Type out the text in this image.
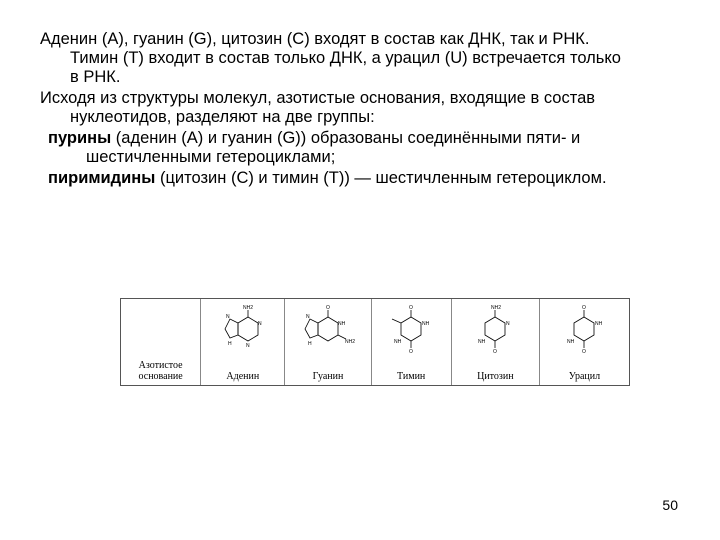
Аденин (A), гуанин (G), цитозин (C) входят в состав как ДНК, так и РНК.
Тимин (T) входит в состав только ДНК, а урацил (U) встречается только
в РНК.

Исходя из структуры молекул, азотистые основания, входящие в состав
нуклеотидов, разделяют на две группы:

пурины (аденин (A) и гуанин (G)) образованы соединёнными пяти- и
шестичленными гетероциклами;

пиримидины (цитозин (C) и тимин (T)) — шестичленным гетероциклом.

Азотистое основание
NH2
N
N
N
H
Аденин
O
NH
NH2
N
H
Гуанин
O
NH
O
NH
Тимин
NH2
N
O
NH
Цитозин
O
NH
O
NH
Урацил
50
